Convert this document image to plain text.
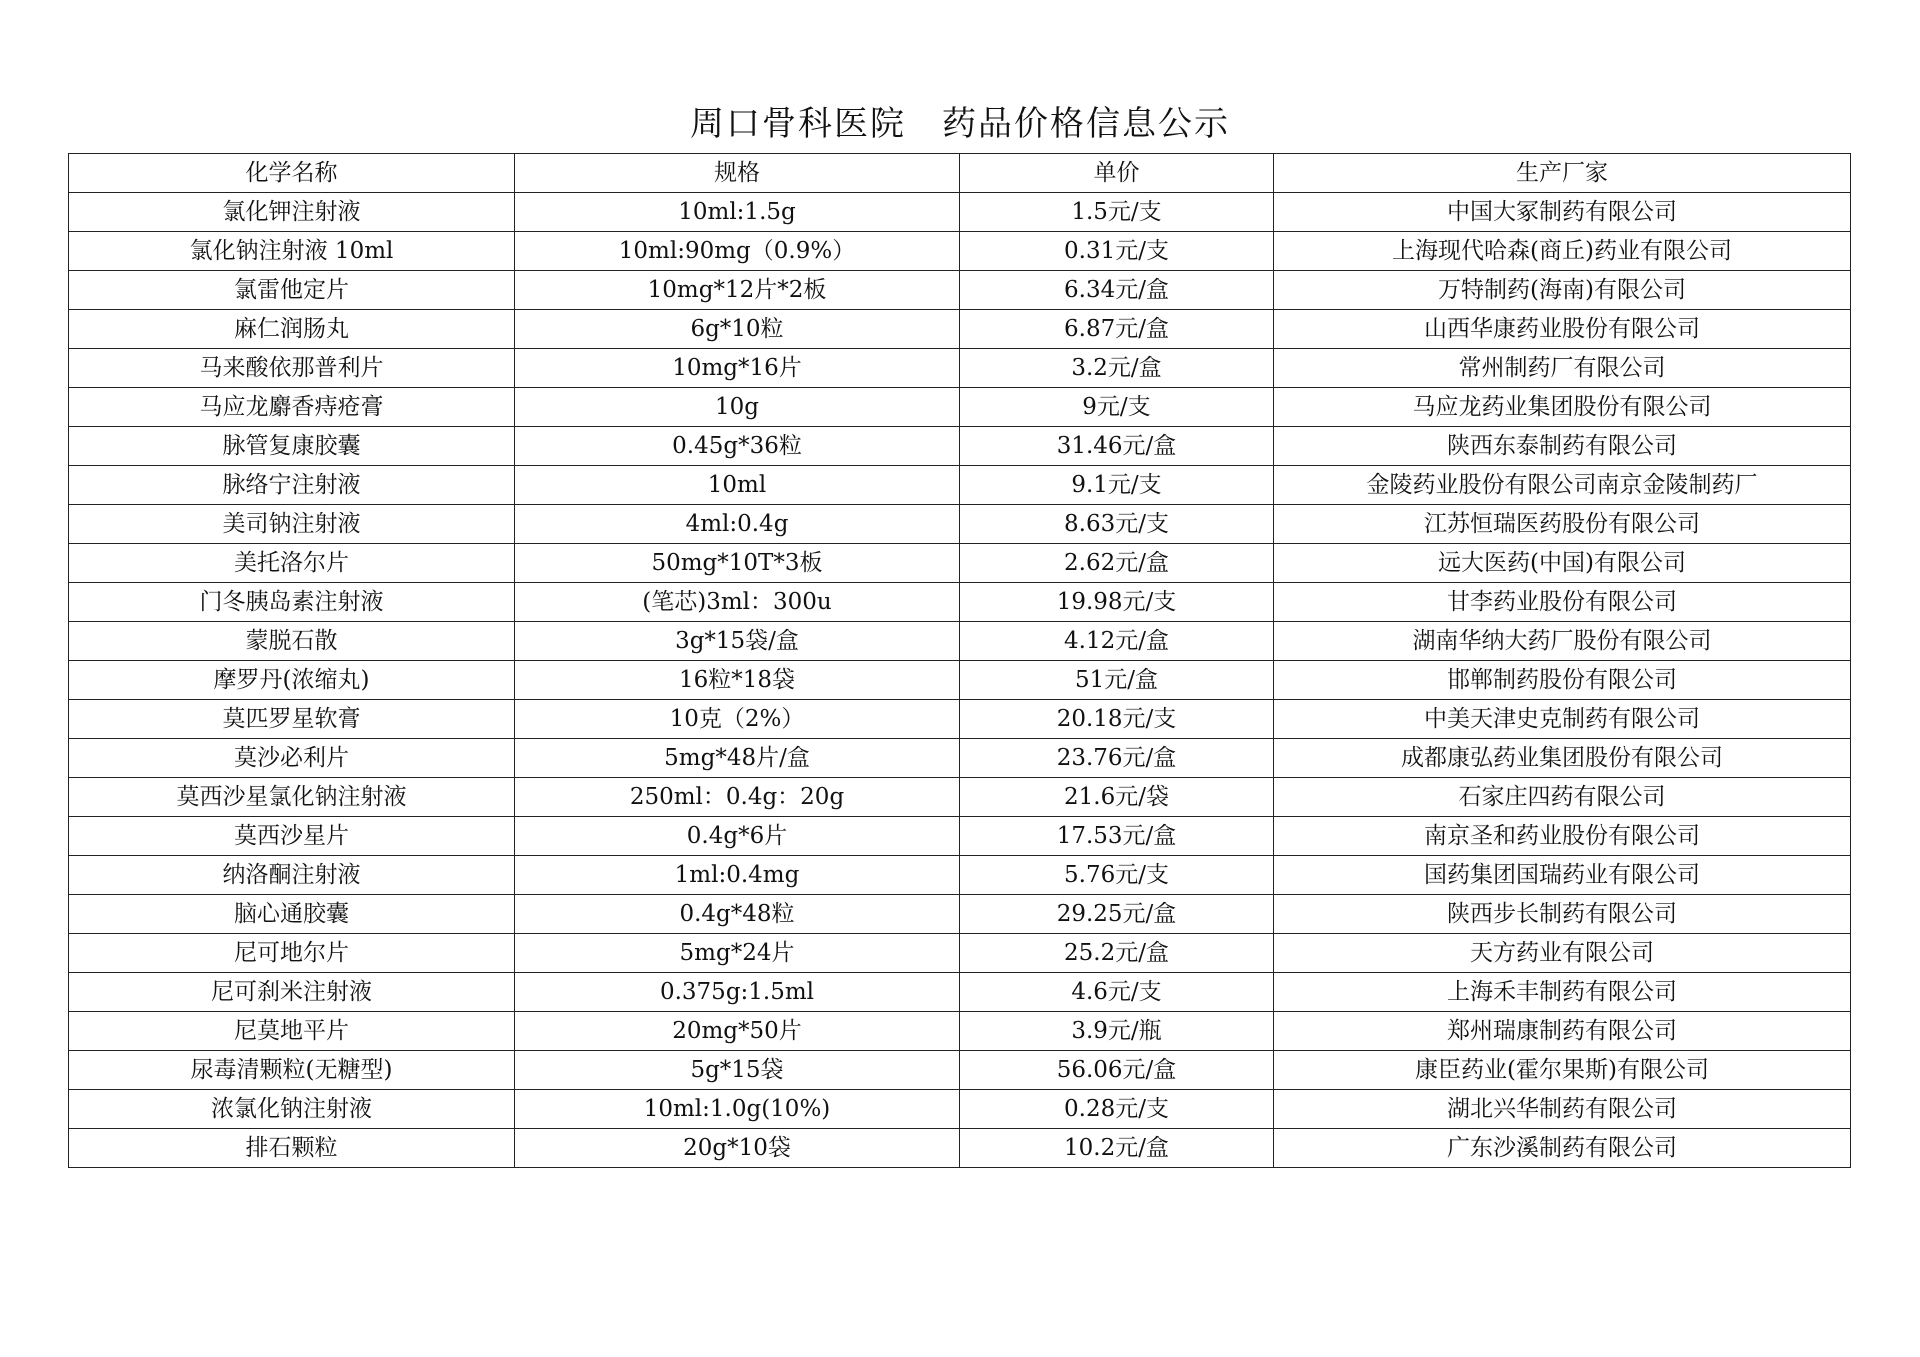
周口骨科医院　药品价格信息公示
化学名称	规格	单价	生产厂家
氯化钾注射液	10ml:1.5g	1.5元/支	中国大冢制药有限公司
氯化钠注射液 10ml	10ml:90mg（0.9%）	0.31元/支	上海现代哈森(商丘)药业有限公司
氯雷他定片	10mg*12片*2板	6.34元/盒	万特制药(海南)有限公司
麻仁润肠丸	6g*10粒	6.87元/盒	山西华康药业股份有限公司
马来酸依那普利片	10mg*16片	3.2元/盒	常州制药厂有限公司
马应龙麝香痔疮膏	10g	9元/支	马应龙药业集团股份有限公司
脉管复康胶囊	0.45g*36粒	31.46元/盒	陕西东泰制药有限公司
脉络宁注射液	10ml	9.1元/支	金陵药业股份有限公司南京金陵制药厂
美司钠注射液	4ml:0.4g	8.63元/支	江苏恒瑞医药股份有限公司
美托洛尔片	50mg*10T*3板	2.62元/盒	远大医药(中国)有限公司
门冬胰岛素注射液	(笔芯)3ml：300u	19.98元/支	甘李药业股份有限公司
蒙脱石散	3g*15袋/盒	4.12元/盒	湖南华纳大药厂股份有限公司
摩罗丹(浓缩丸)	16粒*18袋	51元/盒	邯郸制药股份有限公司
莫匹罗星软膏	10克（2%）	20.18元/支	中美天津史克制药有限公司
莫沙必利片	5mg*48片/盒	23.76元/盒	成都康弘药业集团股份有限公司
莫西沙星氯化钠注射液	250ml：0.4g：20g	21.6元/袋	石家庄四药有限公司
莫西沙星片	0.4g*6片	17.53元/盒	南京圣和药业股份有限公司
纳洛酮注射液	1ml:0.4mg	5.76元/支	国药集团国瑞药业有限公司
脑心通胶囊	0.4g*48粒	29.25元/盒	陕西步长制药有限公司
尼可地尔片	5mg*24片	25.2元/盒	天方药业有限公司
尼可刹米注射液	0.375g:1.5ml	4.6元/支	上海禾丰制药有限公司
尼莫地平片	20mg*50片	3.9元/瓶	郑州瑞康制药有限公司
尿毒清颗粒(无糖型)	5g*15袋	56.06元/盒	康臣药业(霍尔果斯)有限公司
浓氯化钠注射液	10ml:1.0g(10%)	0.28元/支	湖北兴华制药有限公司
排石颗粒	20g*10袋	10.2元/盒	广东沙溪制药有限公司
